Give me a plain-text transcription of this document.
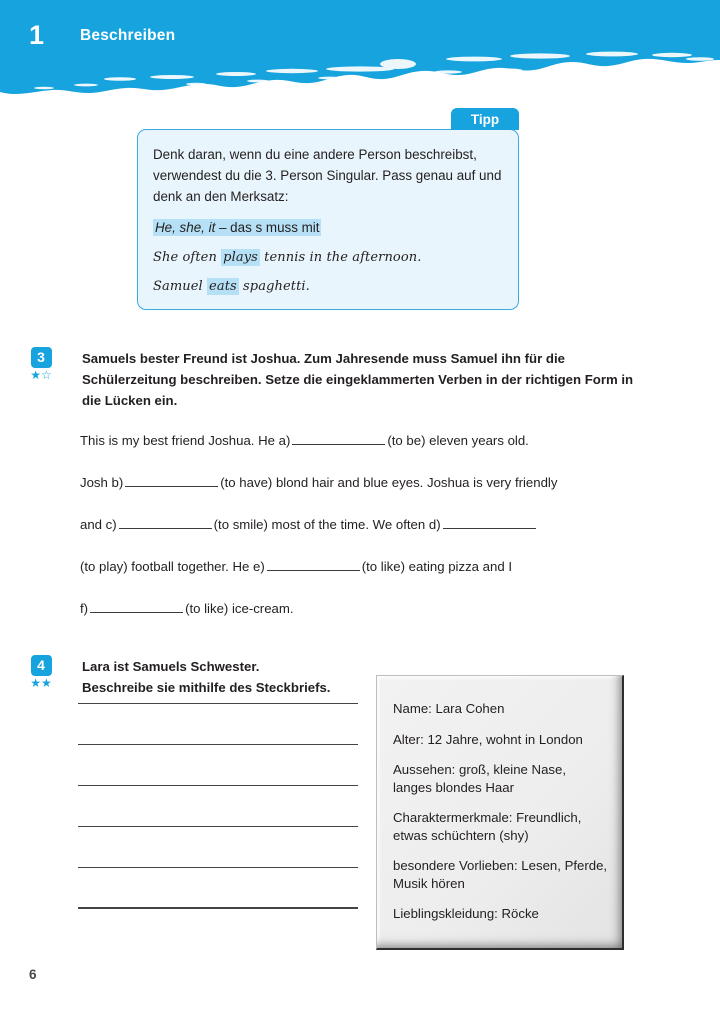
1 Beschreiben
Tipp

Denk daran, wenn du eine andere Person beschreibst, verwendest du die 3. Person Singular. Pass genau auf und denk an den Merksatz:

He, she, it – das s muss mit

She often plays tennis in the afternoon.

Samuel eats spaghetti.

3
★☆
Samuels bester Freund ist Joshua. Zum Jahresende muss Samuel ihn für die Schülerzeitung beschreiben. Setze die eingeklammerten Verben in der richtigen Form in die Lücken ein.

This is my best friend Joshua. He a)	(to be) eleven years old.

Josh b)	(to have) blond hair and blue eyes. Joshua is very friendly

and c)	(to smile) most of the time. We often d)

(to play) football together. He e)	(to like) eating pizza and I

f)	(to like) ice-cream.

4
★★
Lara ist Samuels Schwester.
Beschreibe sie mithilfe des Steckbriefs.

Name: Lara Cohen

Alter: 12 Jahre, wohnt in London

Aussehen: groß, kleine Nase, langes blondes Haar

Charaktermerkmale: Freundlich, etwas schüchtern (shy)

besondere Vorlieben: Lesen, Pferde, Musik hören

Lieblingskleidung: Röcke

6
